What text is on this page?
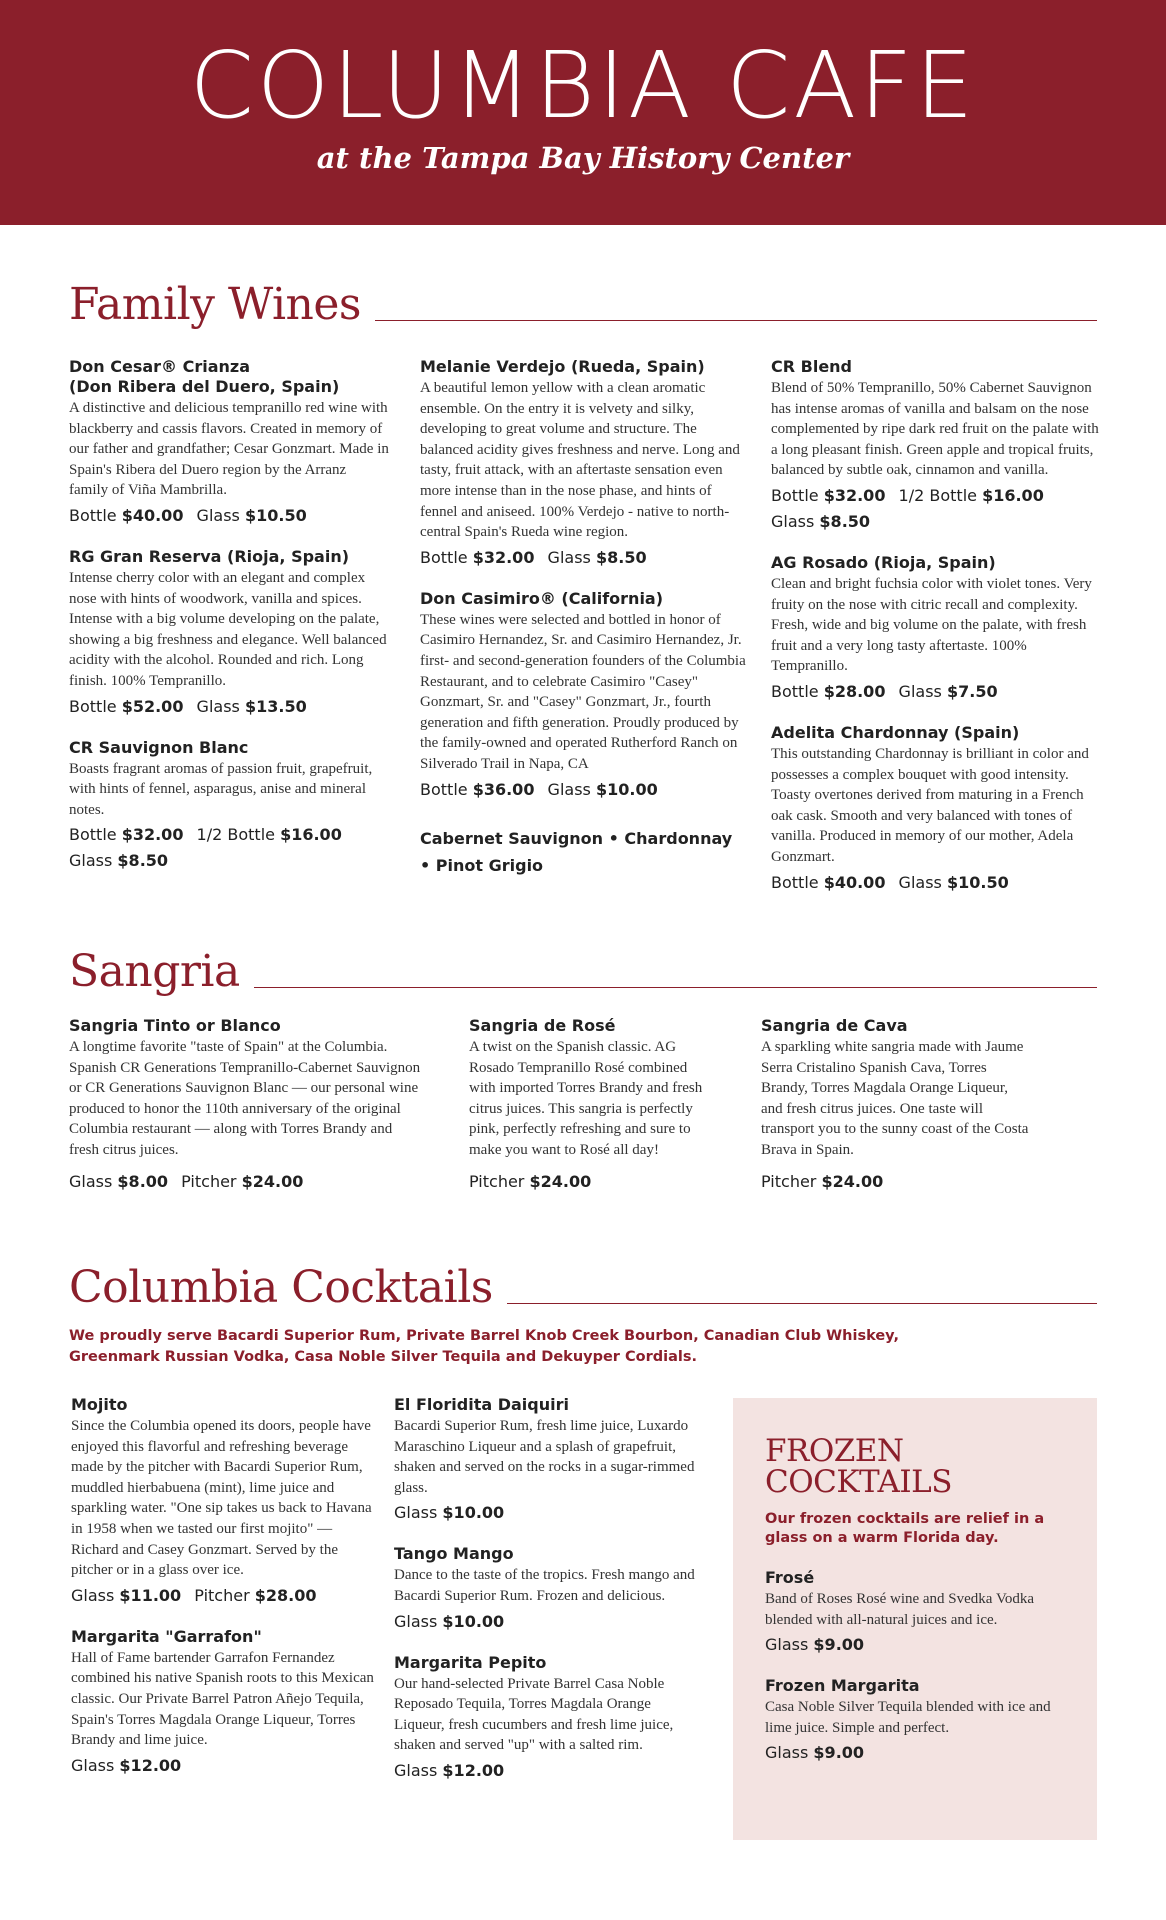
COLUMBIA CAFE
at the Tampa Bay History Center
Family Wines
Don Cesar® Crianza
(Don Ribera del Duero, Spain)
A distinctive and delicious tempranillo red wine with blackberry and cassis flavors. Created in memory of our father and grandfather; Cesar Gonzmart. Made in Spain's Ribera del Duero region by the Arranz family of Viña Mambrilla.
Bottle $40.00 Glass $10.50
RG Gran Reserva (Rioja, Spain)
Intense cherry color with an elegant and complex nose with hints of woodwork, vanilla and spices. Intense with a big volume developing on the palate, showing a big freshness and elegance. Well balanced acidity with the alcohol. Rounded and rich. Long finish. 100% Tempranillo.
Bottle $52.00 Glass $13.50
CR Sauvignon Blanc
Boasts fragrant aromas of passion fruit, grapefruit, with hints of fennel, asparagus, anise and mineral notes.
Bottle $32.00 1/2 Bottle $16.00
Glass $8.50
Melanie Verdejo (Rueda, Spain)
A beautiful lemon yellow with a clean aromatic ensemble. On the entry it is velvety and silky, developing to great volume and structure. The balanced acidity gives freshness and nerve. Long and tasty, fruit attack, with an aftertaste sensation even more intense than in the nose phase, and hints of fennel and aniseed. 100% Verdejo - native to north-central Spain's Rueda wine region.
Bottle $32.00 Glass $8.50
Don Casimiro® (California)
These wines were selected and bottled in honor of Casimiro Hernandez, Sr. and Casimiro Hernandez, Jr. first- and second-generation founders of the Columbia Restaurant, and to celebrate Casimiro "Casey" Gonzmart, Sr. and "Casey" Gonzmart, Jr., fourth generation and fifth generation. Proudly produced by the family-owned and operated Rutherford Ranch on Silverado Trail in Napa, CA
Bottle $36.00 Glass $10.00
Cabernet Sauvignon • Chardonnay
• Pinot Grigio
CR Blend
Blend of 50% Tempranillo, 50% Cabernet Sauvignon has intense aromas of vanilla and balsam on the nose complemented by ripe dark red fruit on the palate with a long pleasant finish. Green apple and tropical fruits, balanced by subtle oak, cinnamon and vanilla.
Bottle $32.00 1/2 Bottle $16.00
Glass $8.50
AG Rosado (Rioja, Spain)
Clean and bright fuchsia color with violet tones. Very fruity on the nose with citric recall and complexity. Fresh, wide and big volume on the palate, with fresh fruit and a very long tasty aftertaste. 100% Tempranillo.
Bottle $28.00 Glass $7.50
Adelita Chardonnay (Spain)
This outstanding Chardonnay is brilliant in color and possesses a complex bouquet with good intensity. Toasty overtones derived from maturing in a French oak cask. Smooth and very balanced with tones of vanilla. Produced in memory of our mother, Adela Gonzmart.
Bottle $40.00 Glass $10.50
Sangria
Sangria Tinto or Blanco
A longtime favorite "taste of Spain" at the Columbia. Spanish CR Generations Tempranillo-Cabernet Sauvignon or CR Generations Sauvignon Blanc — our personal wine produced to honor the 110th anniversary of the original Columbia restaurant — along with Torres Brandy and fresh citrus juices.
Glass $8.00 Pitcher $24.00
Sangria de Rosé
A twist on the Spanish classic. AG Rosado Tempranillo Rosé combined with imported Torres Brandy and fresh citrus juices. This sangria is perfectly pink, perfectly refreshing and sure to make you want to Rosé all day!
Pitcher $24.00
Sangria de Cava
A sparkling white sangria made with Jaume Serra Cristalino Spanish Cava, Torres Brandy, Torres Magdala Orange Liqueur, and fresh citrus juices. One taste will transport you to the sunny coast of the Costa Brava in Spain.
Pitcher $24.00
Columbia Cocktails
We proudly serve Bacardi Superior Rum, Private Barrel Knob Creek Bourbon, Canadian Club Whiskey, Greenmark Russian Vodka, Casa Noble Silver Tequila and Dekuyper Cordials.
Mojito
Since the Columbia opened its doors, people have enjoyed this flavorful and refreshing beverage made by the pitcher with Bacardi Superior Rum, muddled hierbabuena (mint), lime juice and sparkling water. "One sip takes us back to Havana in 1958 when we tasted our first mojito" — Richard and Casey Gonzmart. Served by the pitcher or in a glass over ice.
Glass $11.00 Pitcher $28.00
Margarita "Garrafon"
Hall of Fame bartender Garrafon Fernandez combined his native Spanish roots to this Mexican classic. Our Private Barrel Patron Añejo Tequila, Spain's Torres Magdala Orange Liqueur, Torres Brandy and lime juice.
Glass $12.00
El Floridita Daiquiri
Bacardi Superior Rum, fresh lime juice, Luxardo Maraschino Liqueur and a splash of grapefruit, shaken and served on the rocks in a sugar-rimmed glass.
Glass $10.00
Tango Mango
Dance to the taste of the tropics. Fresh mango and Bacardi Superior Rum. Frozen and delicious.
Glass $10.00
Margarita Pepito
Our hand-selected Private Barrel Casa Noble Reposado Tequila, Torres Magdala Orange Liqueur, fresh cucumbers and fresh lime juice, shaken and served "up" with a salted rim.
Glass $12.00
FROZEN COCKTAILS
Our frozen cocktails are relief in a glass on a warm Florida day.
Frosé
Band of Roses Rosé wine and Svedka Vodka blended with all-natural juices and ice.
Glass $9.00
Frozen Margarita
Casa Noble Silver Tequila blended with ice and lime juice. Simple and perfect.
Glass $9.00
